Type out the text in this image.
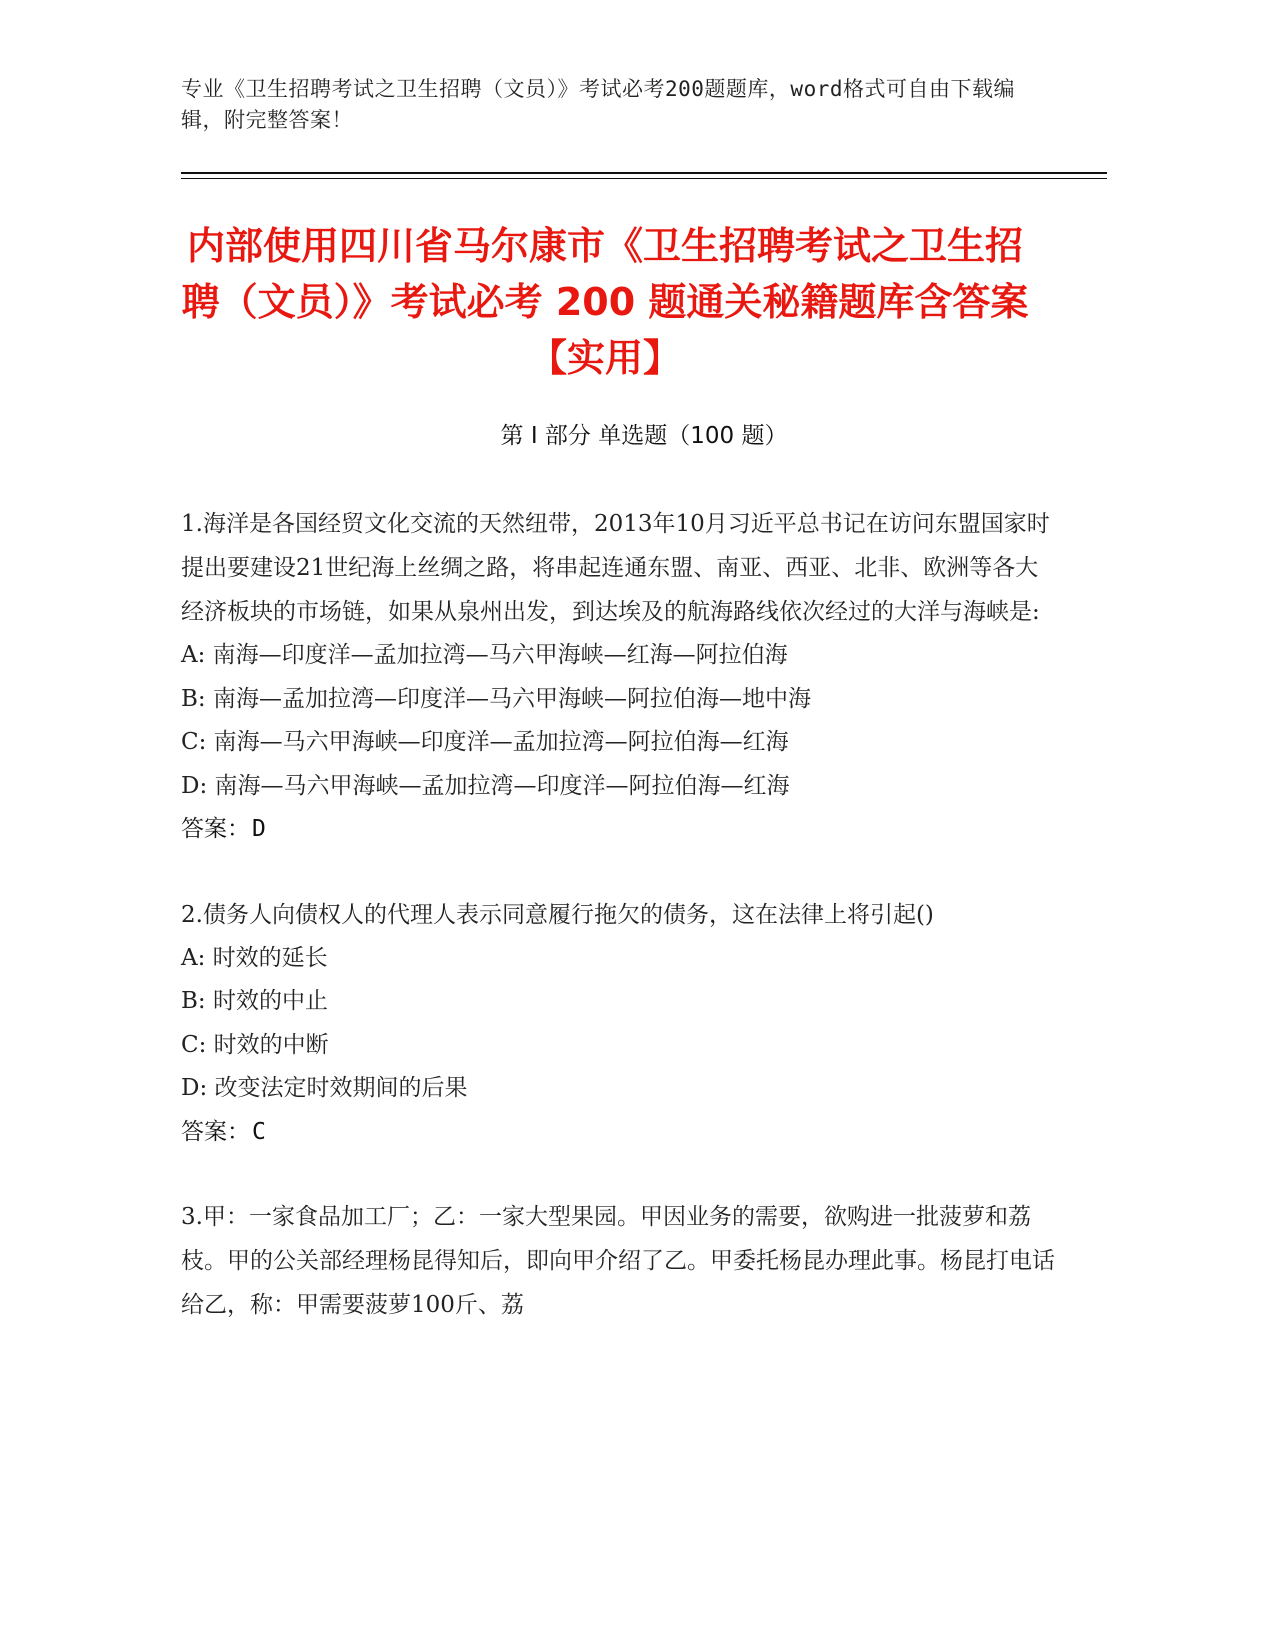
专业《卫生招聘考试之卫生招聘（文员）》考试必考200题题库，word格式可自由下载编辑，附完整答案！
内部使用四川省马尔康市《卫生招聘考试之卫生招聘（文员）》考试必考 200 题通关秘籍题库含答案【实用】
第 I 部分 单选题（100 题）

1.海洋是各国经贸文化交流的天然纽带，2013年10月习近平总书记在访问东盟国家时提出要建设21世纪海上丝绸之路，将串起连通东盟、南亚、西亚、北非、欧洲等各大经济板块的市场链，如果从泉州出发，到达埃及的航海路线依次经过的大洋与海峡是:

A: 南海—印度洋—孟加拉湾—马六甲海峡—红海—阿拉伯海

B: 南海—孟加拉湾—印度洋—马六甲海峡—阿拉伯海—地中海

C: 南海—马六甲海峡—印度洋—孟加拉湾—阿拉伯海—红海

D: 南海—马六甲海峡—孟加拉湾—印度洋—阿拉伯海—红海

答案：D

2.债务人向债权人的代理人表示同意履行拖欠的债务，这在法律上将引起()

A: 时效的延长

B: 时效的中止

C: 时效的中断

D: 改变法定时效期间的后果

答案：C

3.甲：一家食品加工厂；乙：一家大型果园。甲因业务的需要，欲购进一批菠萝和荔枝。甲的公关部经理杨昆得知后，即向甲介绍了乙。甲委托杨昆办理此事。杨昆打电话给乙，称：甲需要菠萝100斤、荔
